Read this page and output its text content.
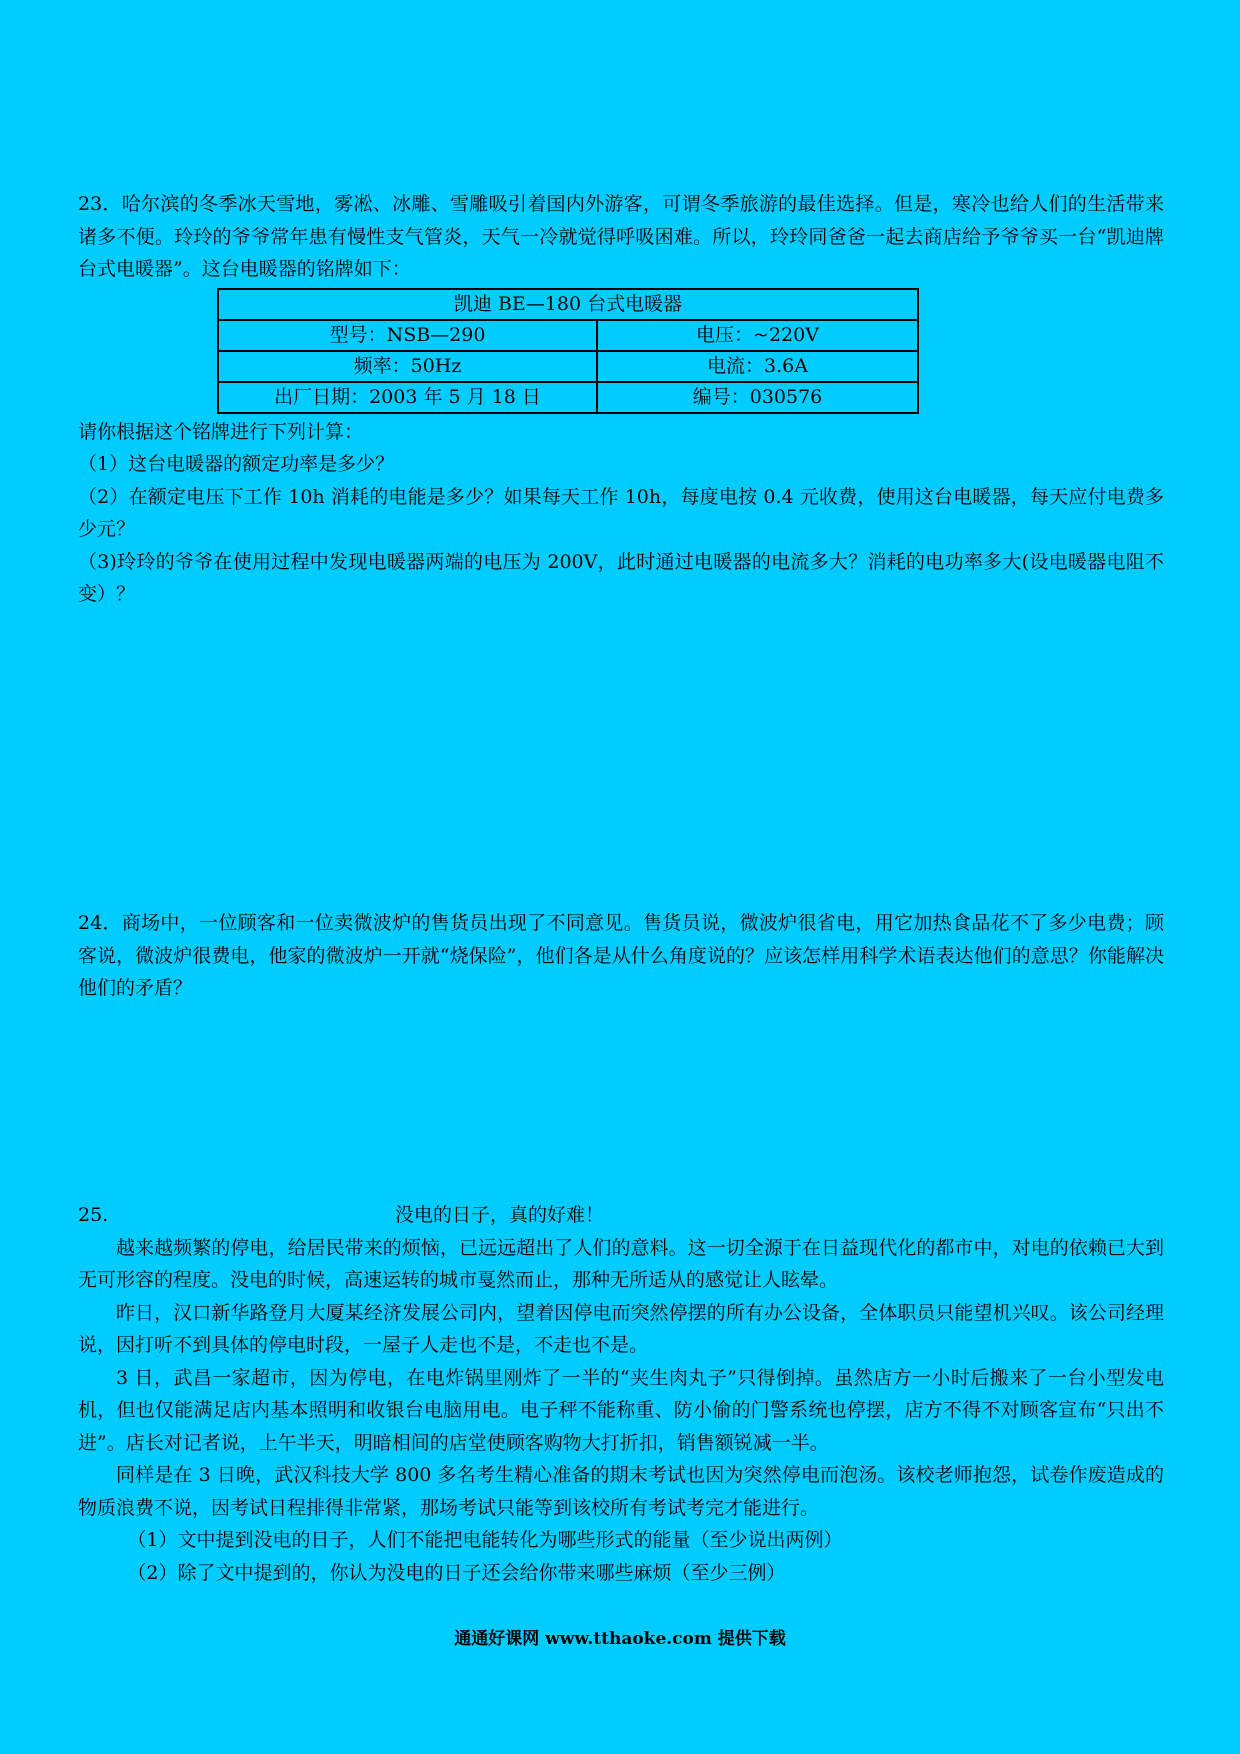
23．哈尔滨的冬季冰天雪地，雾凇、冰雕、雪雕吸引着国内外游客，可谓冬季旅游的最佳选择。但是，寒冷也给人们的生活带来诸多不便。玲玲的爷爷常年患有慢性支气管炎，天气一冷就觉得呼吸困难。所以，玲玲同爸爸一起去商店给予爷爷买一台“凯迪牌台式电暖器”。这台电暖器的铭牌如下：

凯迪 BE—180 台式电暖器	
型号：NSB—290	电压：~220V
频率：50Hz	电流：3.6A
出厂日期：2003 年 5 月 18 日	编号：030576

请你根据这个铭牌进行下列计算：

（1）这台电暖器的额定功率是多少？

（2）在额定电压下工作 10h 消耗的电能是多少？如果每天工作 10h，每度电按 0.4 元收费，使用这台电暖器，每天应付电费多少元？

（3)玲玲的爷爷在使用过程中发现电暖器两端的电压为 200V，此时通过电暖器的电流多大？消耗的电功率多大(设电暖器电阻不变）？

24．商场中，一位顾客和一位卖微波炉的售货员出现了不同意见。售货员说，微波炉很省电，用它加热食品花不了多少电费；顾客说，微波炉很费电，他家的微波炉一开就“烧保险”，他们各是从什么角度说的？应该怎样用科学术语表达他们的意思？你能解决他们的矛盾？

25.	没电的日子，真的好难！

越来越频繁的停电，给居民带来的烦恼，已远远超出了人们的意料。这一切全源于在日益现代化的都市中，对电的依赖已大到无可形容的程度。没电的时候，高速运转的城市戛然而止，那种无所适从的感觉让人眩晕。

昨日，汉口新华路登月大厦某经济发展公司内，望着因停电而突然停摆的所有办公设备，全体职员只能望机兴叹。该公司经理说，因打听不到具体的停电时段，一屋子人走也不是，不走也不是。

3 日，武昌一家超市，因为停电，在电炸锅里刚炸了一半的“夹生肉丸子”只得倒掉。虽然店方一小时后搬来了一台小型发电机，但也仅能满足店内基本照明和收银台电脑用电。电子秤不能称重、防小偷的门警系统也停摆，店方不得不对顾客宣布“只出不进”。店长对记者说，上午半天，明暗相间的店堂使顾客购物大打折扣，销售额锐减一半。

同样是在 3 日晚，武汉科技大学 800 多名考生精心准备的期末考试也因为突然停电而泡汤。该校老师抱怨，试卷作废造成的物质浪费不说，因考试日程排得非常紧，那场考试只能等到该校所有考试考完才能进行。

（1）文中提到没电的日子，人们不能把电能转化为哪些形式的能量（至少说出两例）

（2）除了文中提到的，你认为没电的日子还会给你带来哪些麻烦（至少三例）

通通好课网 www.tthaoke.com 提供下载
